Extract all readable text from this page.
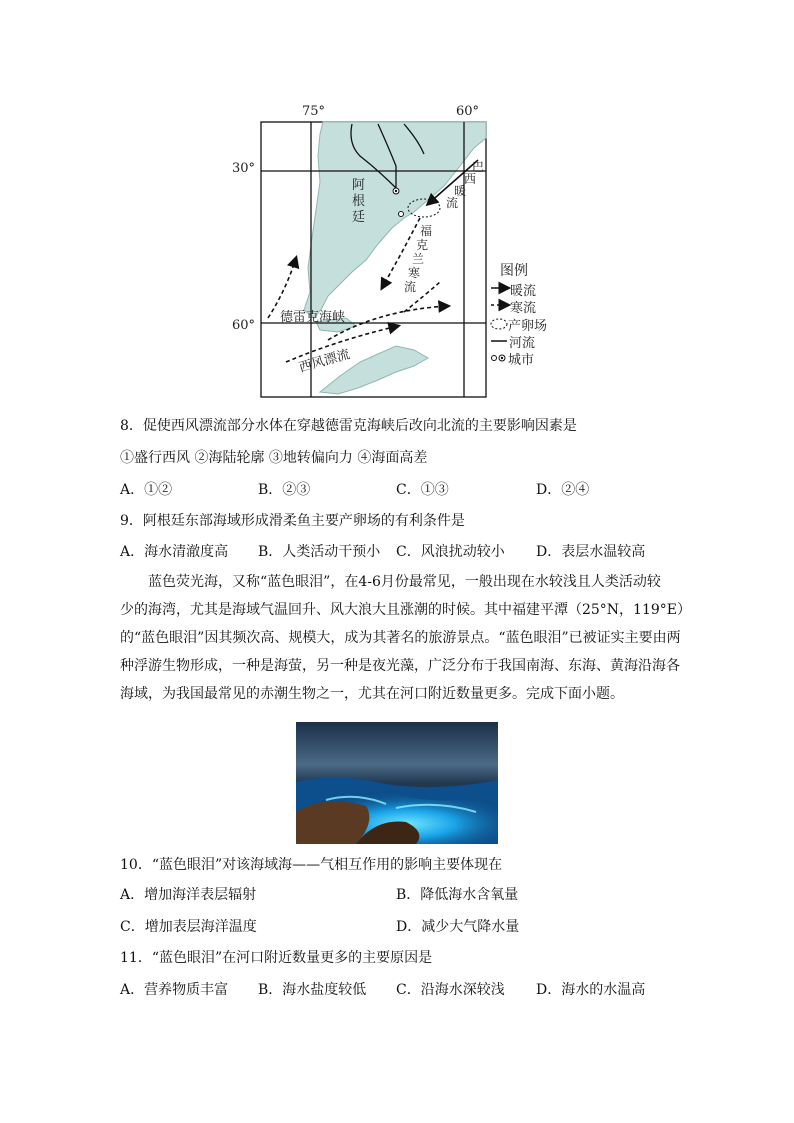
75°	60°
30°
60°
阿
根
廷
巴
西
暖
流
福
克
兰
寒
流
德雷克海峡
西风漂流
图例
暖流
寒流
产卵场
河流
城市
8．促使西风漂流部分水体在穿越德雷克海峡后改向北流的主要影响因素是
①盛行西风 ②海陆轮廓 ③地转偏向力 ④海面高差
A．①②	B．②③	C．①③	D．②④
9．阿根廷东部海域形成滑柔鱼主要产卵场的有利条件是
A．海水清澈度高 B．人类活动干预小 C．风浪扰动较小 D．表层水温较高
蓝色荧光海，又称“蓝色眼泪”，在4-6月份最常见，一般出现在水较浅且人类活动较
少的海湾，尤其是海域气温回升、风大浪大且涨潮的时候。其中福建平潭（25°N，119°E）
的“蓝色眼泪”因其频次高、规模大，成为其著名的旅游景点。“蓝色眼泪”已被证实主要由两
种浮游生物形成，一种是海萤，另一种是夜光藻，广泛分布于我国南海、东海、黄海沿海各
海域，为我国最常见的赤潮生物之一，尤其在河口附近数量更多。完成下面小题。
10．“蓝色眼泪”对该海域海——气相互作用的影响主要体现在
A．增加海洋表层辐射	B．降低海水含氧量
C．增加表层海洋温度	D．减少大气降水量
11．“蓝色眼泪”在河口附近数量更多的主要原因是
A．营养物质丰富 B．海水盐度较低 C．沿海水深较浅 D．海水的水温高
